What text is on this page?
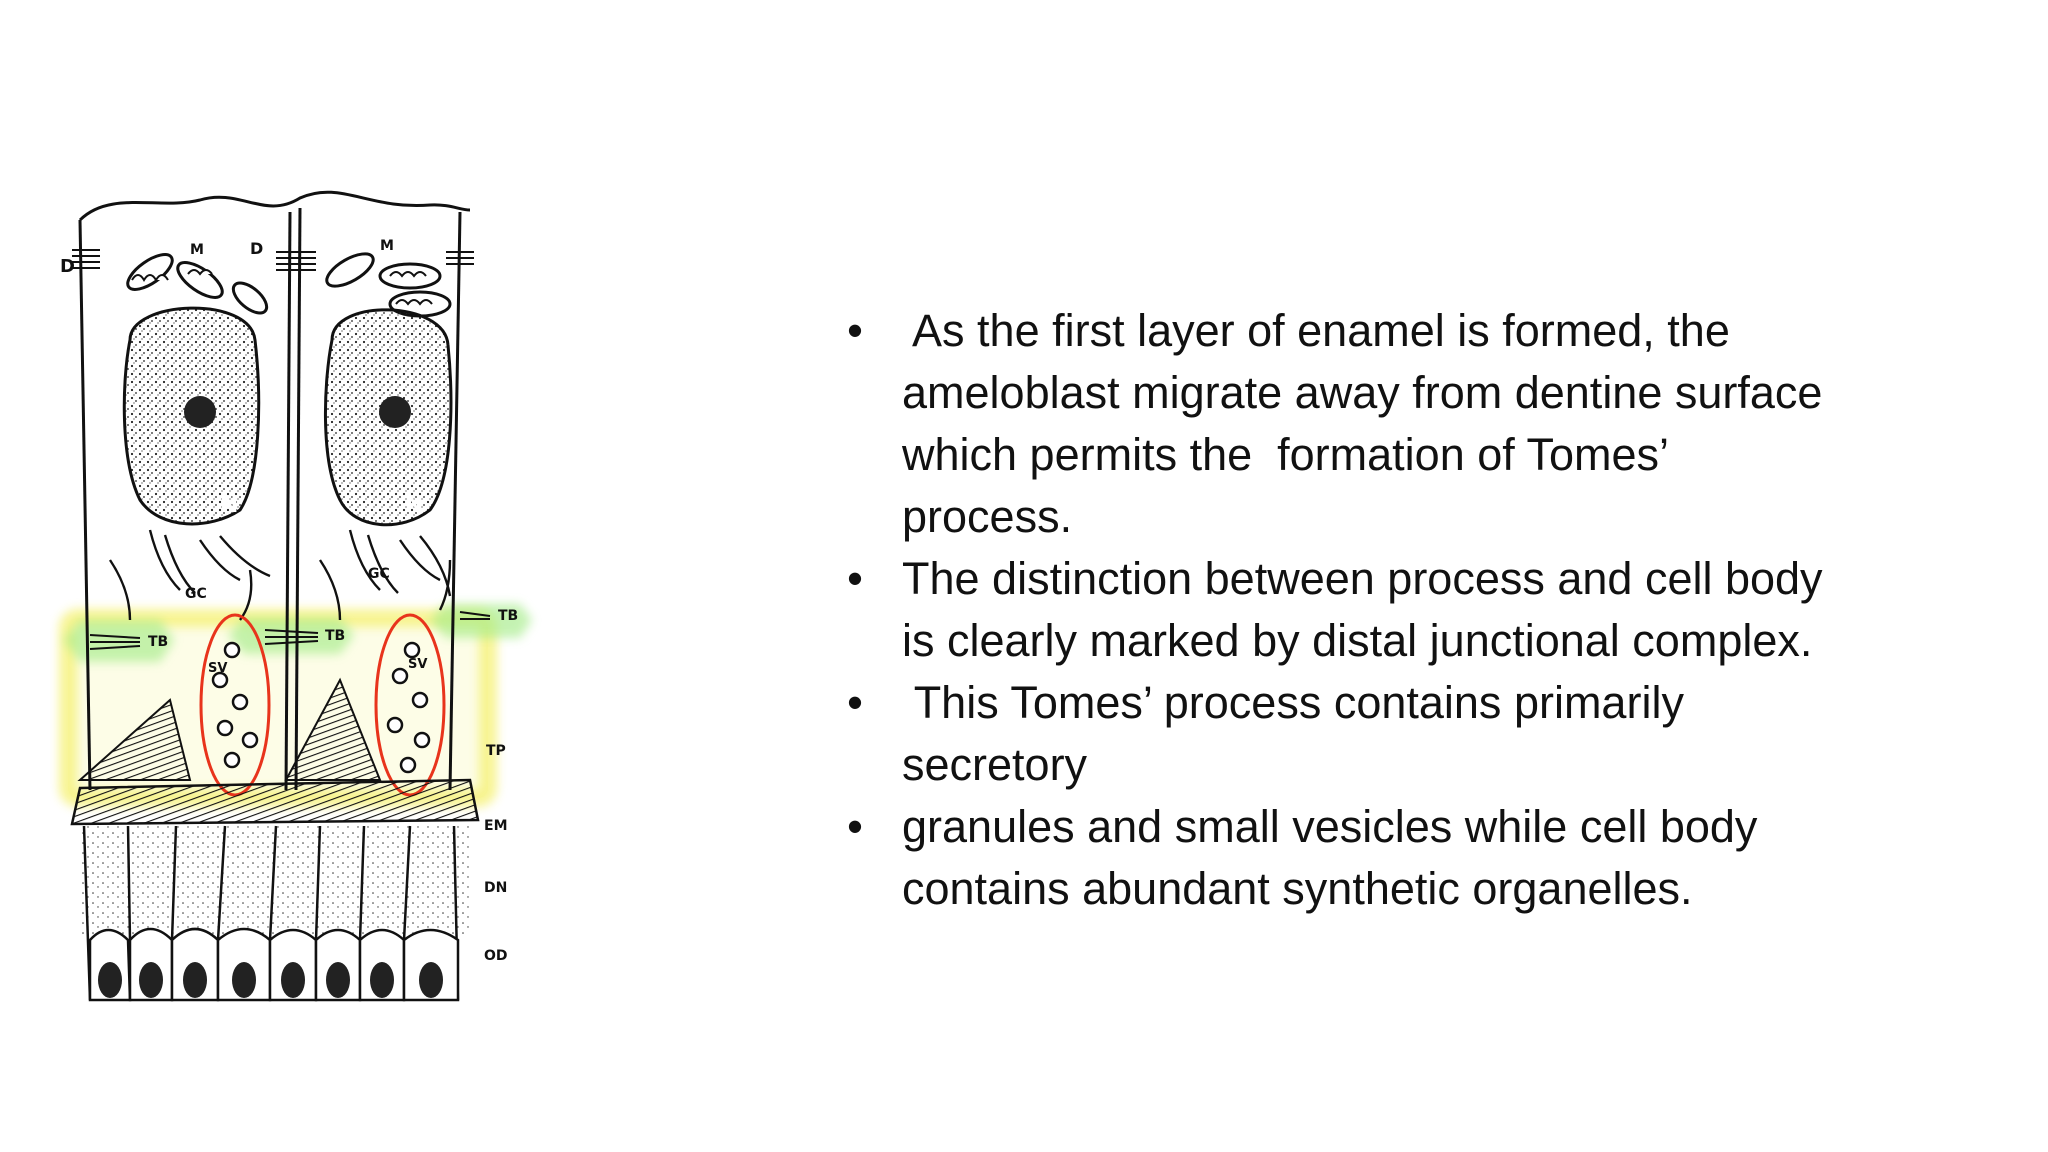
D
D
M	M
N	N
GC
GC
TB	TB
TB
SV	SV
TP
EM
DN
OD
• As the first layer of enamel is formed, the
ameloblast migrate away from dentine surface
which permits the  formation of Tomes’
process.
• The distinction between process and cell body
is clearly marked by distal junctional complex.
• This Tomes’ process contains primarily
secretory
• granules and small vesicles while cell body
contains abundant synthetic organelles.
